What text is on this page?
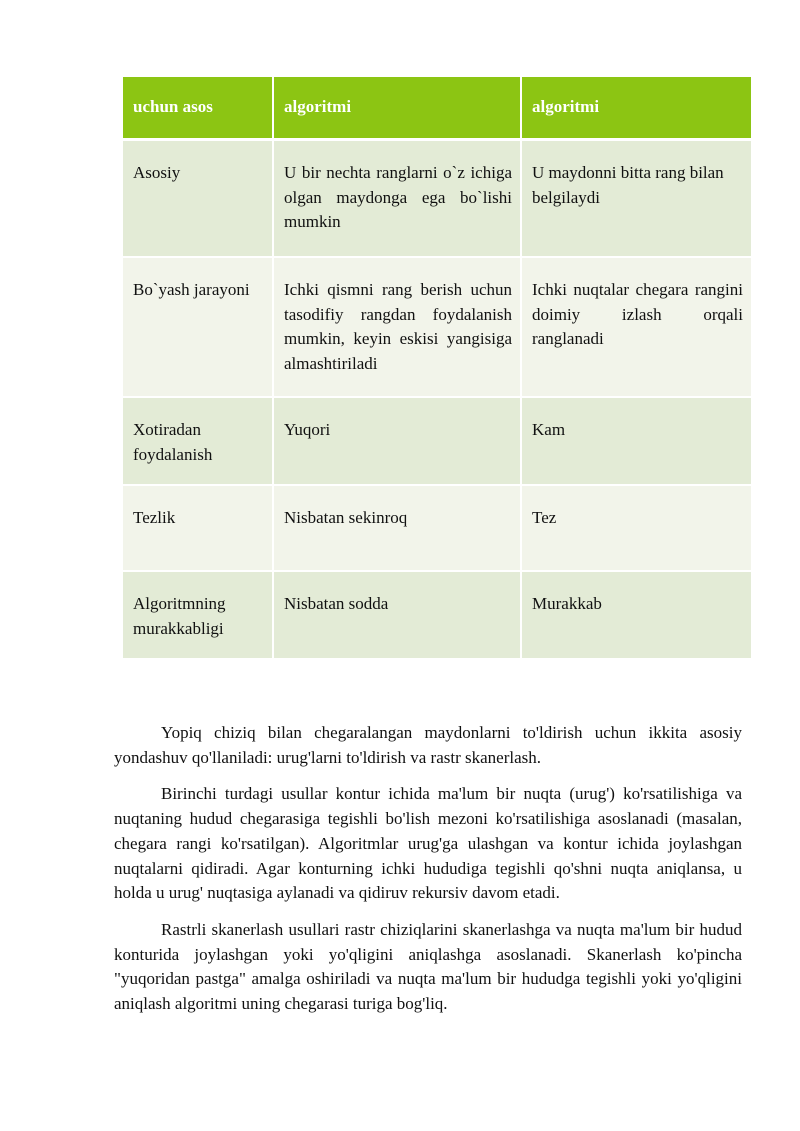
uchun asos	algoritmi	algoritmi
Asosiy	U bir nechta ranglarni o`z ichiga olgan maydonga ega bo`lishi mumkin	U maydonni bitta rang bilan belgilaydi
Bo`yash jarayoni	Ichki qismni rang berish uchun tasodifiy rangdan foydalanish mumkin, keyin eskisi yangisiga almashtiriladi	Ichki nuqtalar chegara rangini doimiy izlash orqali ranglanadi
Xotiradan foydalanish	Yuqori	Kam
Tezlik	Nisbatan sekinroq	Tez
Algoritmning murakkabligi	Nisbatan sodda	Murakkab

Yopiq chiziq bilan chegaralangan maydonlarni to'ldirish uchun ikkita asosiy yondashuv qo'llaniladi: urug'larni to'ldirish va rastr skanerlash.

Birinchi turdagi usullar kontur ichida ma'lum bir nuqta (urug') ko'rsatilishiga va nuqtaning hudud chegarasiga tegishli bo'lish mezoni ko'rsatilishiga asoslanadi (masalan, chegara rangi ko'rsatilgan). Algoritmlar urug'ga ulashgan va kontur ichida joylashgan nuqtalarni qidiradi. Agar konturning ichki hududiga tegishli qo'shni nuqta aniqlansa, u holda u urug' nuqtasiga aylanadi va qidiruv rekursiv davom etadi.

Rastrli skanerlash usullari rastr chiziqlarini skanerlashga va nuqta ma'lum bir hudud konturida joylashgan yoki yo'qligini aniqlashga asoslanadi. Skanerlash ko'pincha "yuqoridan pastga" amalga oshiriladi va nuqta ma'lum bir hududga tegishli yoki yo'qligini aniqlash algoritmi uning chegarasi turiga bog'liq.
